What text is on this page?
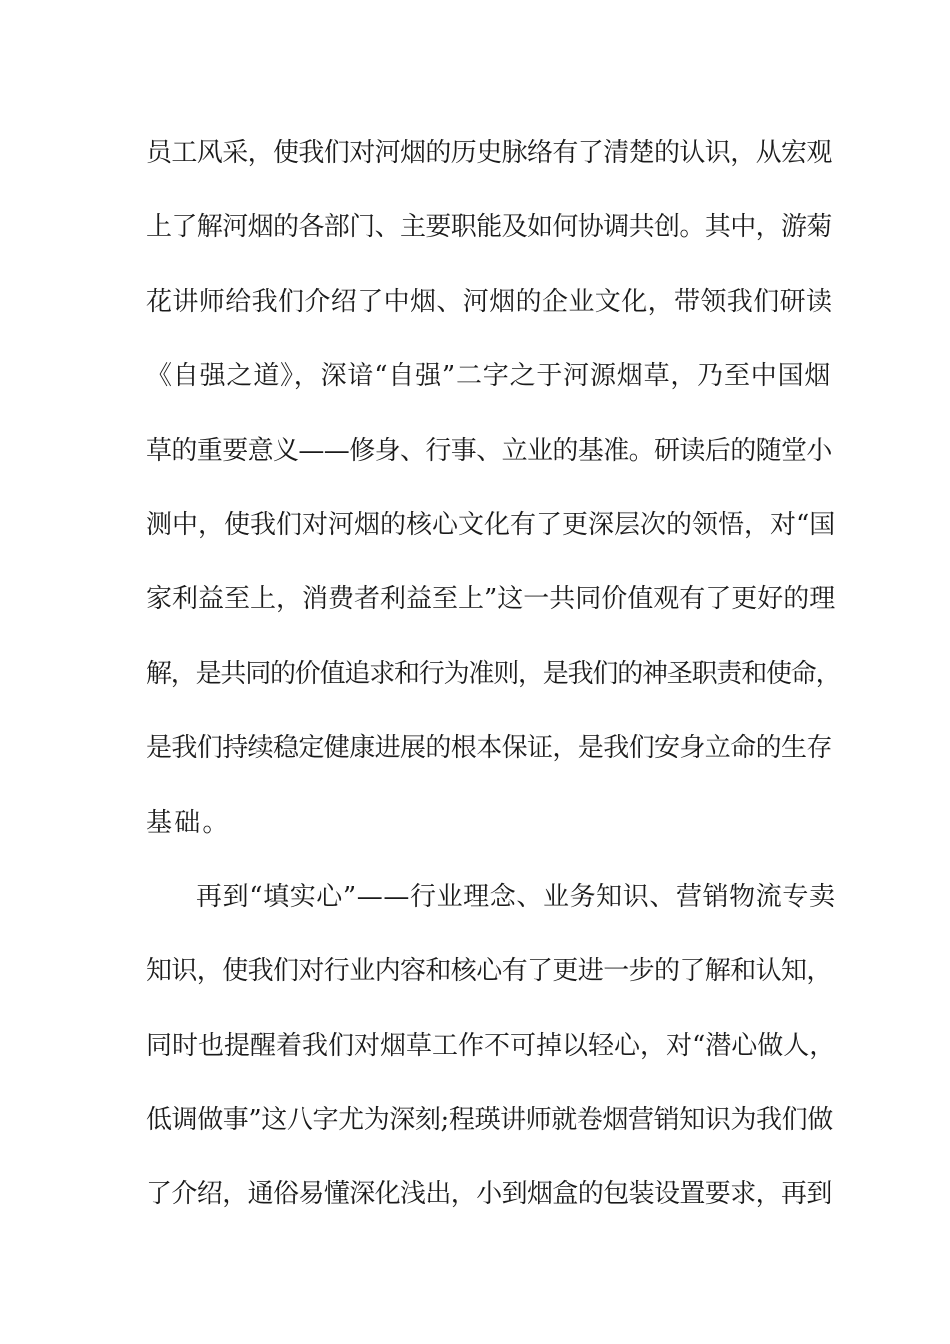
员工风采，使我们对河烟的历史脉络有了清楚的认识，从宏观
上了解河烟的各部门、主要职能及如何协调共创。其中，游菊
花讲师给我们介绍了中烟、河烟的企业文化，带领我们研读
《自强之道》，深谙“自强”二字之于河源烟草，乃至中国烟
草的重要意义——修身、行事、立业的基准。研读后的随堂小
测中，使我们对河烟的核心文化有了更深层次的领悟，对“国
家利益至上，消费者利益至上”这一共同价值观有了更好的理
解，是共同的价值追求和行为准则，是我们的神圣职责和使命，
是我们持续稳定健康进展的根本保证，是我们安身立命的生存
基础。
再到“填实心”——行业理念、业务知识、营销物流专卖
知识，使我们对行业内容和核心有了更进一步的了解和认知，
同时也提醒着我们对烟草工作不可掉以轻心，对“潜心做人，
低调做事”这八字尤为深刻;程瑛讲师就卷烟营销知识为我们做
了介绍，通俗易懂深化浅出，小到烟盒的包装设置要求，再到
